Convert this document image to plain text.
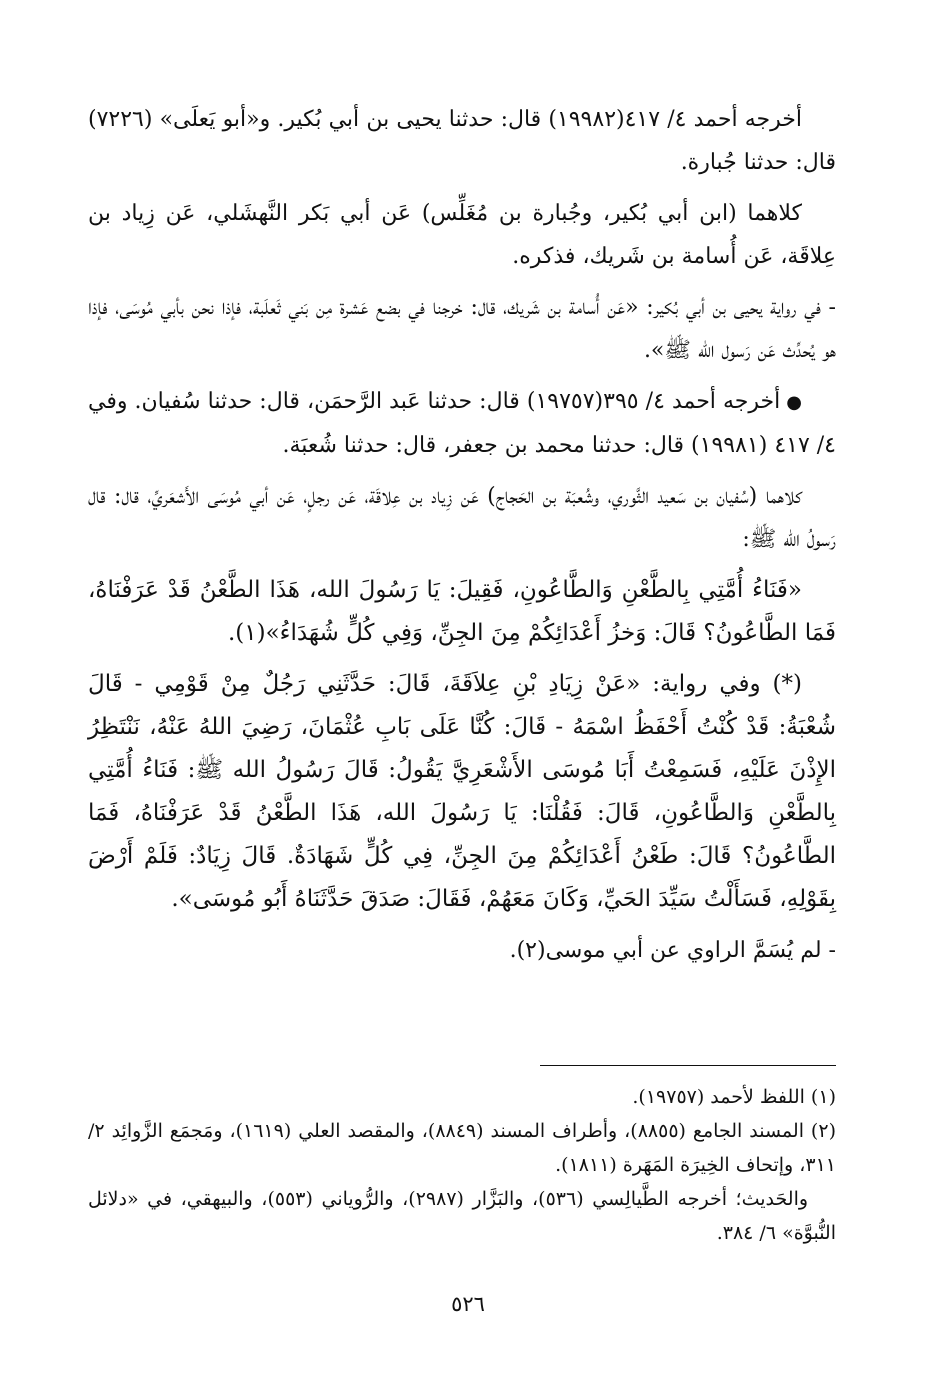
أخرجه أحمد ٤/ ٤١٧(١٩٩٨٢) قال: حدثنا يحيى بن أبي بُكير. و«أبو يَعلَى» (٧٢٢٦) قال: حدثنا جُبارة.

كلاهما (ابن أبي بُكير، وجُبارة بن مُغَلِّس) عَن أبي بَكر النَّهشَلي، عَن زِياد بن عِلاقَة، عَن أُسامة بن شَريك، فذكره.

- في رواية يحيى بن أبي بُكير: «عَن أُسامة بن شَريك، قال: خرجنا في بضع عَشرة مِن بَني ثَعلَبة، فإذا نحن بأبي مُوسَى، فإذا هو يُحدِّث عَن رَسول الله ﷺ».

●أخرجه أحمد ٤/ ٣٩٥(١٩٧٥٧) قال: حدثنا عَبد الرَّحمَن، قال: حدثنا سُفيان. وفي ٤/ ٤١٧ (١٩٩٨١) قال: حدثنا محمد بن جعفر، قال: حدثنا شُعبَة.

كلاهما (سُفيان بن سَعيد الثَّوري، وشُعبَة بن الحَجاج) عَن زِياد بن عِلاقَة، عَن رجلٍ، عَن أبي مُوسَى الأَشعَريِّ، قال: قال رَسولُ الله ﷺ:

«فَنَاءُ أُمَّتِي بِالطَّعْنِ وَالطَّاعُونِ، فَقِيلَ: يَا رَسُولَ الله، هَذَا الطَّعْنُ قَدْ عَرَفْنَاهُ، فَمَا الطَّاعُونُ؟ قَالَ: وَخزُ أَعْدَائِكُمْ مِنَ الجِنِّ، وَفِي كُلٍّ شُهَدَاءُ»(١).

(*) وفي رواية: «عَنْ زِيَادِ بْنِ عِلاَقَةَ، قَالَ: حَدَّثَنِي رَجُلٌ مِنْ قَوْمِي - قَالَ شُعْبَةُ: قَدْ كُنْتُ أَحْفَظُ اسْمَهُ - قَالَ: كُنَّا عَلَى بَابِ عُثْمَانَ، رَضِيَ اللهُ عَنْهُ، نَنْتَظِرُ الإِذْنَ عَلَيْهِ، فَسَمِعْتُ أَبَا مُوسَى الأَشْعَرِيَّ يَقُولُ: قَالَ رَسُولُ الله ﷺ: فَنَاءُ أُمَّتِي بِالطَّعْنِ وَالطَّاعُونِ، قَالَ: فَقُلْنَا: يَا رَسُولَ الله، هَذَا الطَّعْنُ قَدْ عَرَفْنَاهُ، فَمَا الطَّاعُونُ؟ قَالَ: طَعْنُ أَعْدَائِكُمْ مِنَ الجِنِّ، فِي كُلٍّ شَهَادَةٌ. قَالَ زِيَادٌ: فَلَمْ أَرْضَ بِقَوْلِهِ، فَسَأَلْتُ سَيِّدَ الحَيِّ، وَكَانَ مَعَهُمْ، فَقَالَ: صَدَقَ حَدَّثَنَاهُ أَبُو مُوسَى».

- لم يُسَمَّ الراوي عن أبي موسى(٢).

(١) اللفظ لأحمد (١٩٧٥٧).

(٢) المسند الجامع (٨٨٥٥)، وأطراف المسند (٨٨٤٩)، والمقصد العلي (١٦١٩)، ومَجمَع الزَّوائِد ٢/ ٣١١، وإتحاف الخِيرَة المَهَرة (١٨١١).

والحَديث؛ أخرجه الطَّيالِسي (٥٣٦)، والبَزَّار (٢٩٨٧)، والرُّوياني (٥٥٣)، والبيهقي، في «دلائل النُّبوَّة» ٦/ ٣٨٤.

٥٢٦
